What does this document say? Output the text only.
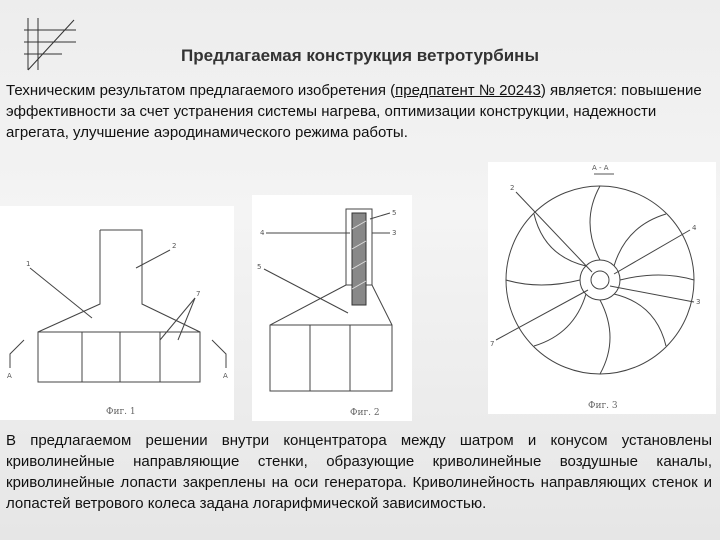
Предлагаемая конструкция ветротурбины
Техническим результатом предлагаемого изобретения (предпатент № 20243) является: повышение эффективности за счет устранения системы нагрева, оптимизации конструкции, надежности агрегата, улучшение аэродинамического режима работы.
1
2
7
A	A
Фиг. 1
4
5
3
5
Фиг. 2
А - А
2
4
3
7
Фиг. 3
В предлагаемом решении внутри концентратора между шатром и конусом установлены криволинейные направляющие стенки, образующие криволинейные воздушные каналы, криволинейные лопасти закреплены на оси генератора. Криволинейность направляющих стенок и лопастей ветрового колеса задана логарифмической зависимостью.
